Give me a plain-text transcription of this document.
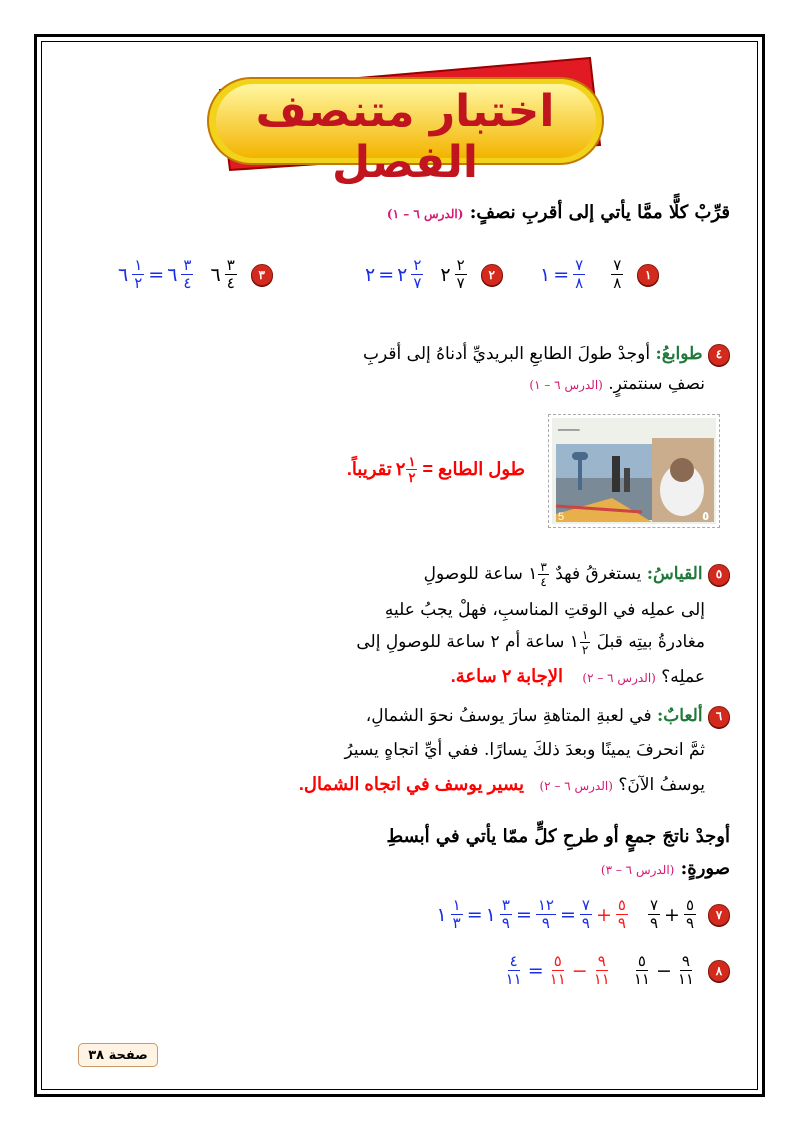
اختبار متنصف الفصل
قرِّبْ كلًّا ممَّا يأتي إلى أقربِ نصفٍ: (الدرس ٦ – ١)
١ = $\frac{٧}{٨} \frac{٧}{٨}$	١
٢ = ٢ $\frac{٢}{٧}$ ٢ $\frac{٢}{٧}$	٢
٦ $\frac{١}{٢}$ = ٦ $\frac{٣}{٤}$ ٦ $\frac{٣}{٤}$	٣
٤ طوابعُ: أوجدْ طولَ الطابعِ البريديِّ أدناهُ إلى أقربِ
نصفِ سنتمترٍ. (الدرس ٦ – ١)
5	٥
━━━━━━
طول الطابع =
٢ $\frac{١}{٢}$
تقريباً.
٥ القياسُ: يستغرقُ فهدٌ
١ $\frac{٣}{٤}$
ساعة للوصولِ
إلى عملِه في الوقتِ المناسبِ، فهلْ يجبُ عليهِ
مغادرةُ بيتِه قبلَ
١ $\frac{١}{٢}$
ساعة أم ٢ ساعة للوصولِ إلى
عملِه؟ (الدرس ٦ – ٢) الإجابة ٢ ساعة.
٦ ألعابٌ: في لعبةِ المتاهةِ سارَ يوسفُ نحوَ الشمالِ،
ثمَّ انحرفَ يمينًا وبعدَ ذلكَ يسارًا. ففي أيِّ اتجاهٍ يسيرُ
يوسفُ الآنَ؟ (الدرس ٦ – ٢) يسير يوسف في اتجاه الشمال.
أوجدْ ناتجَ جمعٍ أو طرحِ كلٍّ ممّا يأتي في أبسطِ
صورةٍ: (الدرس ٦ – ٣)
١ $\frac{١}{٣}$ = ١ $\frac{٣}{٩} = \frac{١٢}{٩} = \frac{٧}{٩} + \frac{٥}{٩} \frac{٧}{٩} + \frac{٥}{٩}$	٧
$\frac{٤}{١١} = \frac{٥}{١١} - \frac{٩}{١١} \frac{٥}{١١} - \frac{٩}{١١}$	٨
صفحة ٣٨
